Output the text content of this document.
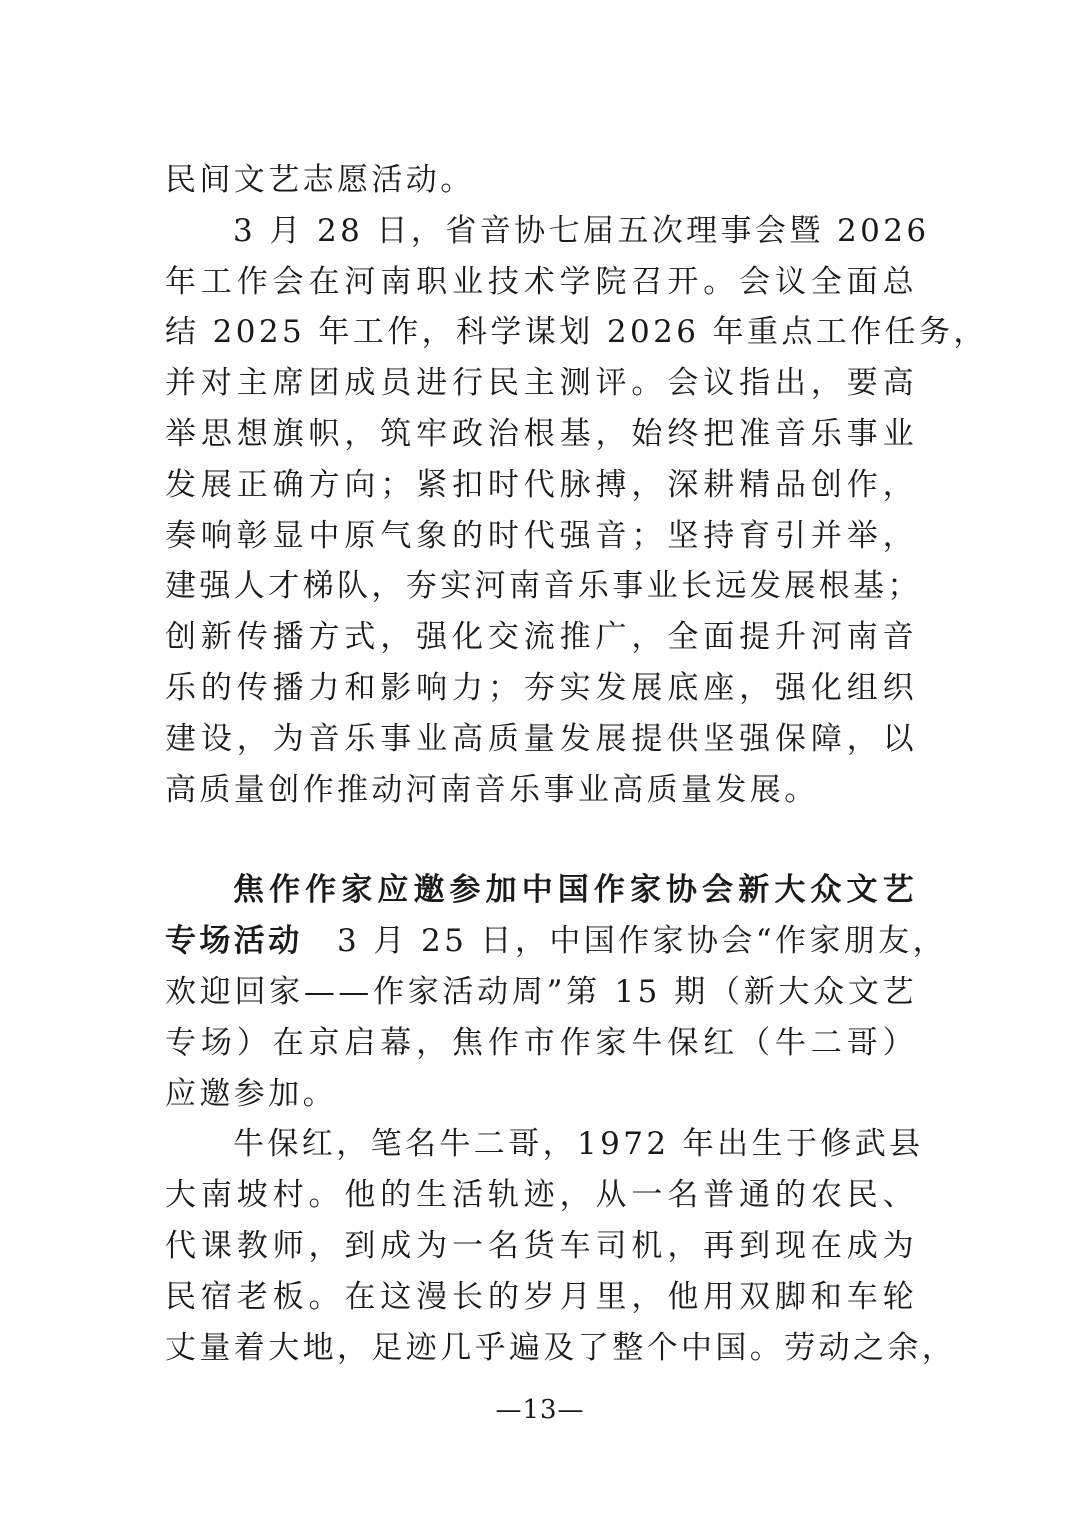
民间文艺志愿活动。
3 月 28 日，省音协七届五次理事会暨 2026
年工作会在河南职业技术学院召开。会议全面总
结 2025 年工作，科学谋划 2026 年重点工作任务，
并对主席团成员进行民主测评。会议指出，要高
举思想旗帜，筑牢政治根基，始终把准音乐事业
发展正确方向；紧扣时代脉搏，深耕精品创作，
奏响彰显中原气象的时代强音；坚持育引并举，
建强人才梯队，夯实河南音乐事业长远发展根基；
创新传播方式，强化交流推广，全面提升河南音
乐的传播力和影响力；夯实发展底座，强化组织
建设，为音乐事业高质量发展提供坚强保障，以
高质量创作推动河南音乐事业高质量发展。
焦作作家应邀参加中国作家协会新大众文艺
专场活动　3 月 25 日，中国作家协会“作家朋友，
欢迎回家——作家活动周”第 15 期（新大众文艺
专场）在京启幕，焦作市作家牛保红（牛二哥）
应邀参加。
牛保红，笔名牛二哥，1972 年出生于修武县
大南坡村。他的生活轨迹，从一名普通的农民、
代课教师，到成为一名货车司机，再到现在成为
民宿老板。在这漫长的岁月里，他用双脚和车轮
丈量着大地，足迹几乎遍及了整个中国。劳动之余，
—13—
